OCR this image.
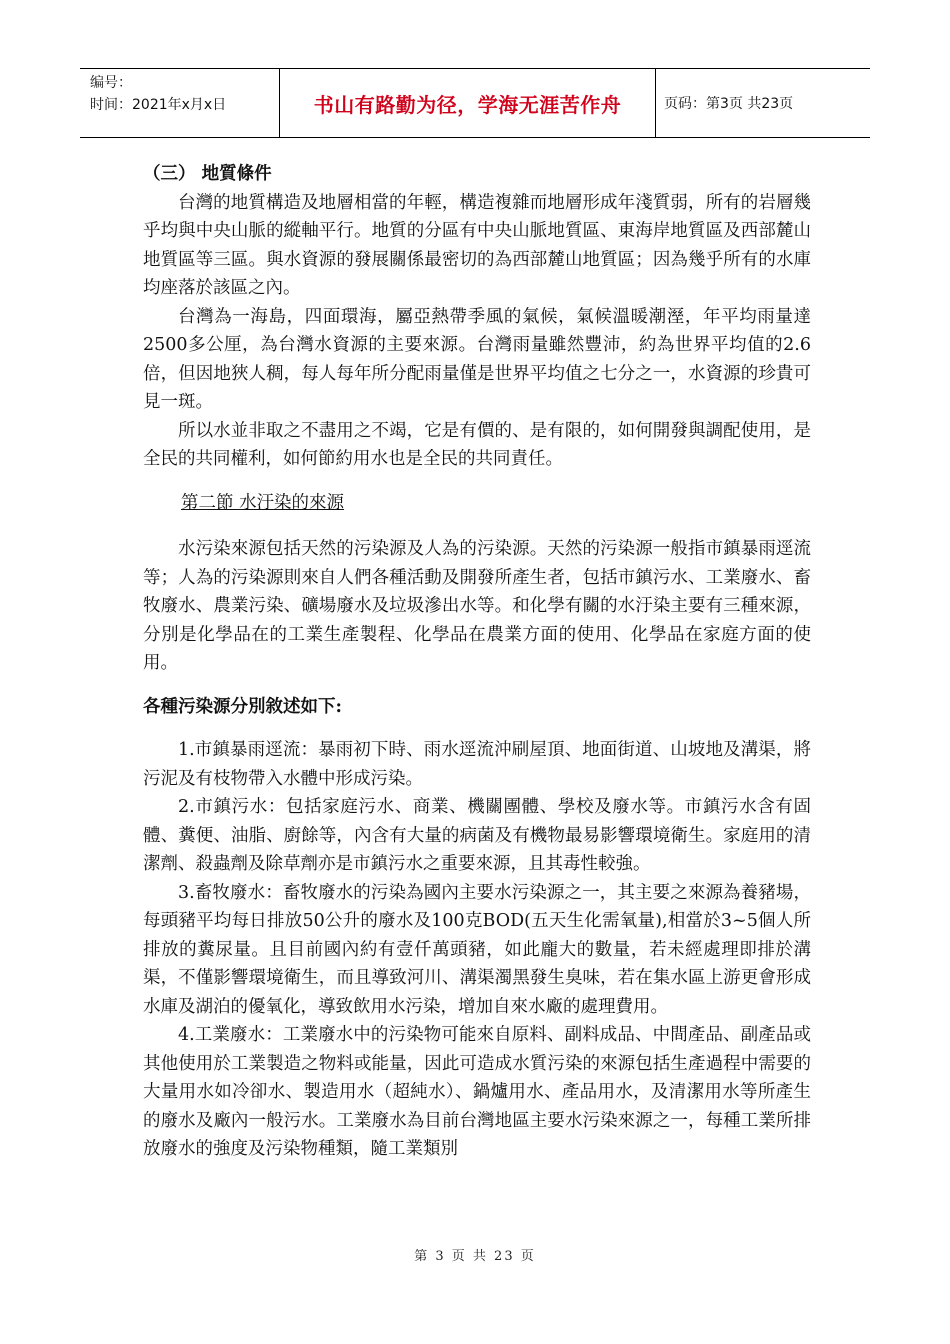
编号：
时间：2021年x月x日	书山有路勤为径，学海无涯苦作舟	页码：第3页 共23页

（三） 地質條件

台灣的地質構造及地層相當的年輕，構造複雜而地層形成年淺質弱，所有的岩層幾乎均與中央山脈的縱軸平行。地質的分區有中央山脈地質區、東海岸地質區及西部麓山地質區等三區。與水資源的發展關係最密切的為西部麓山地質區；因為幾乎所有的水庫均座落於該區之內。

台灣為一海島，四面環海，屬亞熱帶季風的氣候，氣候溫暖潮溼，年平均雨量達2500多公厘，為台灣水資源的主要來源。台灣雨量雖然豐沛，約為世界平均值的2.6倍，但因地狹人稠，每人每年所分配雨量僅是世界平均值之七分之一，水資源的珍貴可見一斑。

所以水並非取之不盡用之不竭，它是有價的、是有限的，如何開發與調配使用，是全民的共同權利，如何節約用水也是全民的共同責任。

第二節 水汙染的來源

水污染來源包括天然的污染源及人為的污染源。天然的污染源一般指市鎮暴雨逕流等；人為的污染源則來自人們各種活動及開發所產生者，包括市鎮污水、工業廢水、畜牧廢水、農業污染、礦場廢水及垃圾滲出水等。和化學有關的水汙染主要有三種來源，分別是化學品在的工業生產製程、化學品在農業方面的使用、化學品在家庭方面的使用。

各種污染源分別敘述如下:

1.市鎮暴雨逕流：暴雨初下時、雨水逕流沖刷屋頂、地面街道、山坡地及溝渠，將污泥及有枝物帶入水體中形成污染。

2.市鎮污水：包括家庭污水、商業、機關團體、學校及廢水等。市鎮污水含有固體、糞便、油脂、廚餘等，內含有大量的病菌及有機物最易影響環境衛生。家庭用的清潔劑、殺蟲劑及除草劑亦是市鎮污水之重要來源，且其毒性較強。

3.畜牧廢水：畜牧廢水的污染為國內主要水污染源之一，其主要之來源為養豬場，每頭豬平均每日排放50公升的廢水及100克BOD(五天生化需氧量),相當於3~5個人所排放的糞尿量。且目前國內約有壹仟萬頭豬，如此龐大的數量，若未經處理即排於溝渠，不僅影響環境衛生，而且導致河川、溝渠濁黑發生臭味，若在集水區上游更會形成水庫及湖泊的優氧化，導致飲用水污染，增加自來水廠的處理費用。

4.工業廢水：工業廢水中的污染物可能來自原料、副料成品、中間產品、副產品或其他使用於工業製造之物料或能量，因此可造成水質污染的來源包括生產過程中需要的大量用水如冷卻水、製造用水（超純水）、鍋爐用水、產品用水，及清潔用水等所產生的廢水及廠內一般污水。工業廢水為目前台灣地區主要水污染來源之一，每種工業所排放廢水的強度及污染物種類，隨工業類別

第 3 页 共 23 页
